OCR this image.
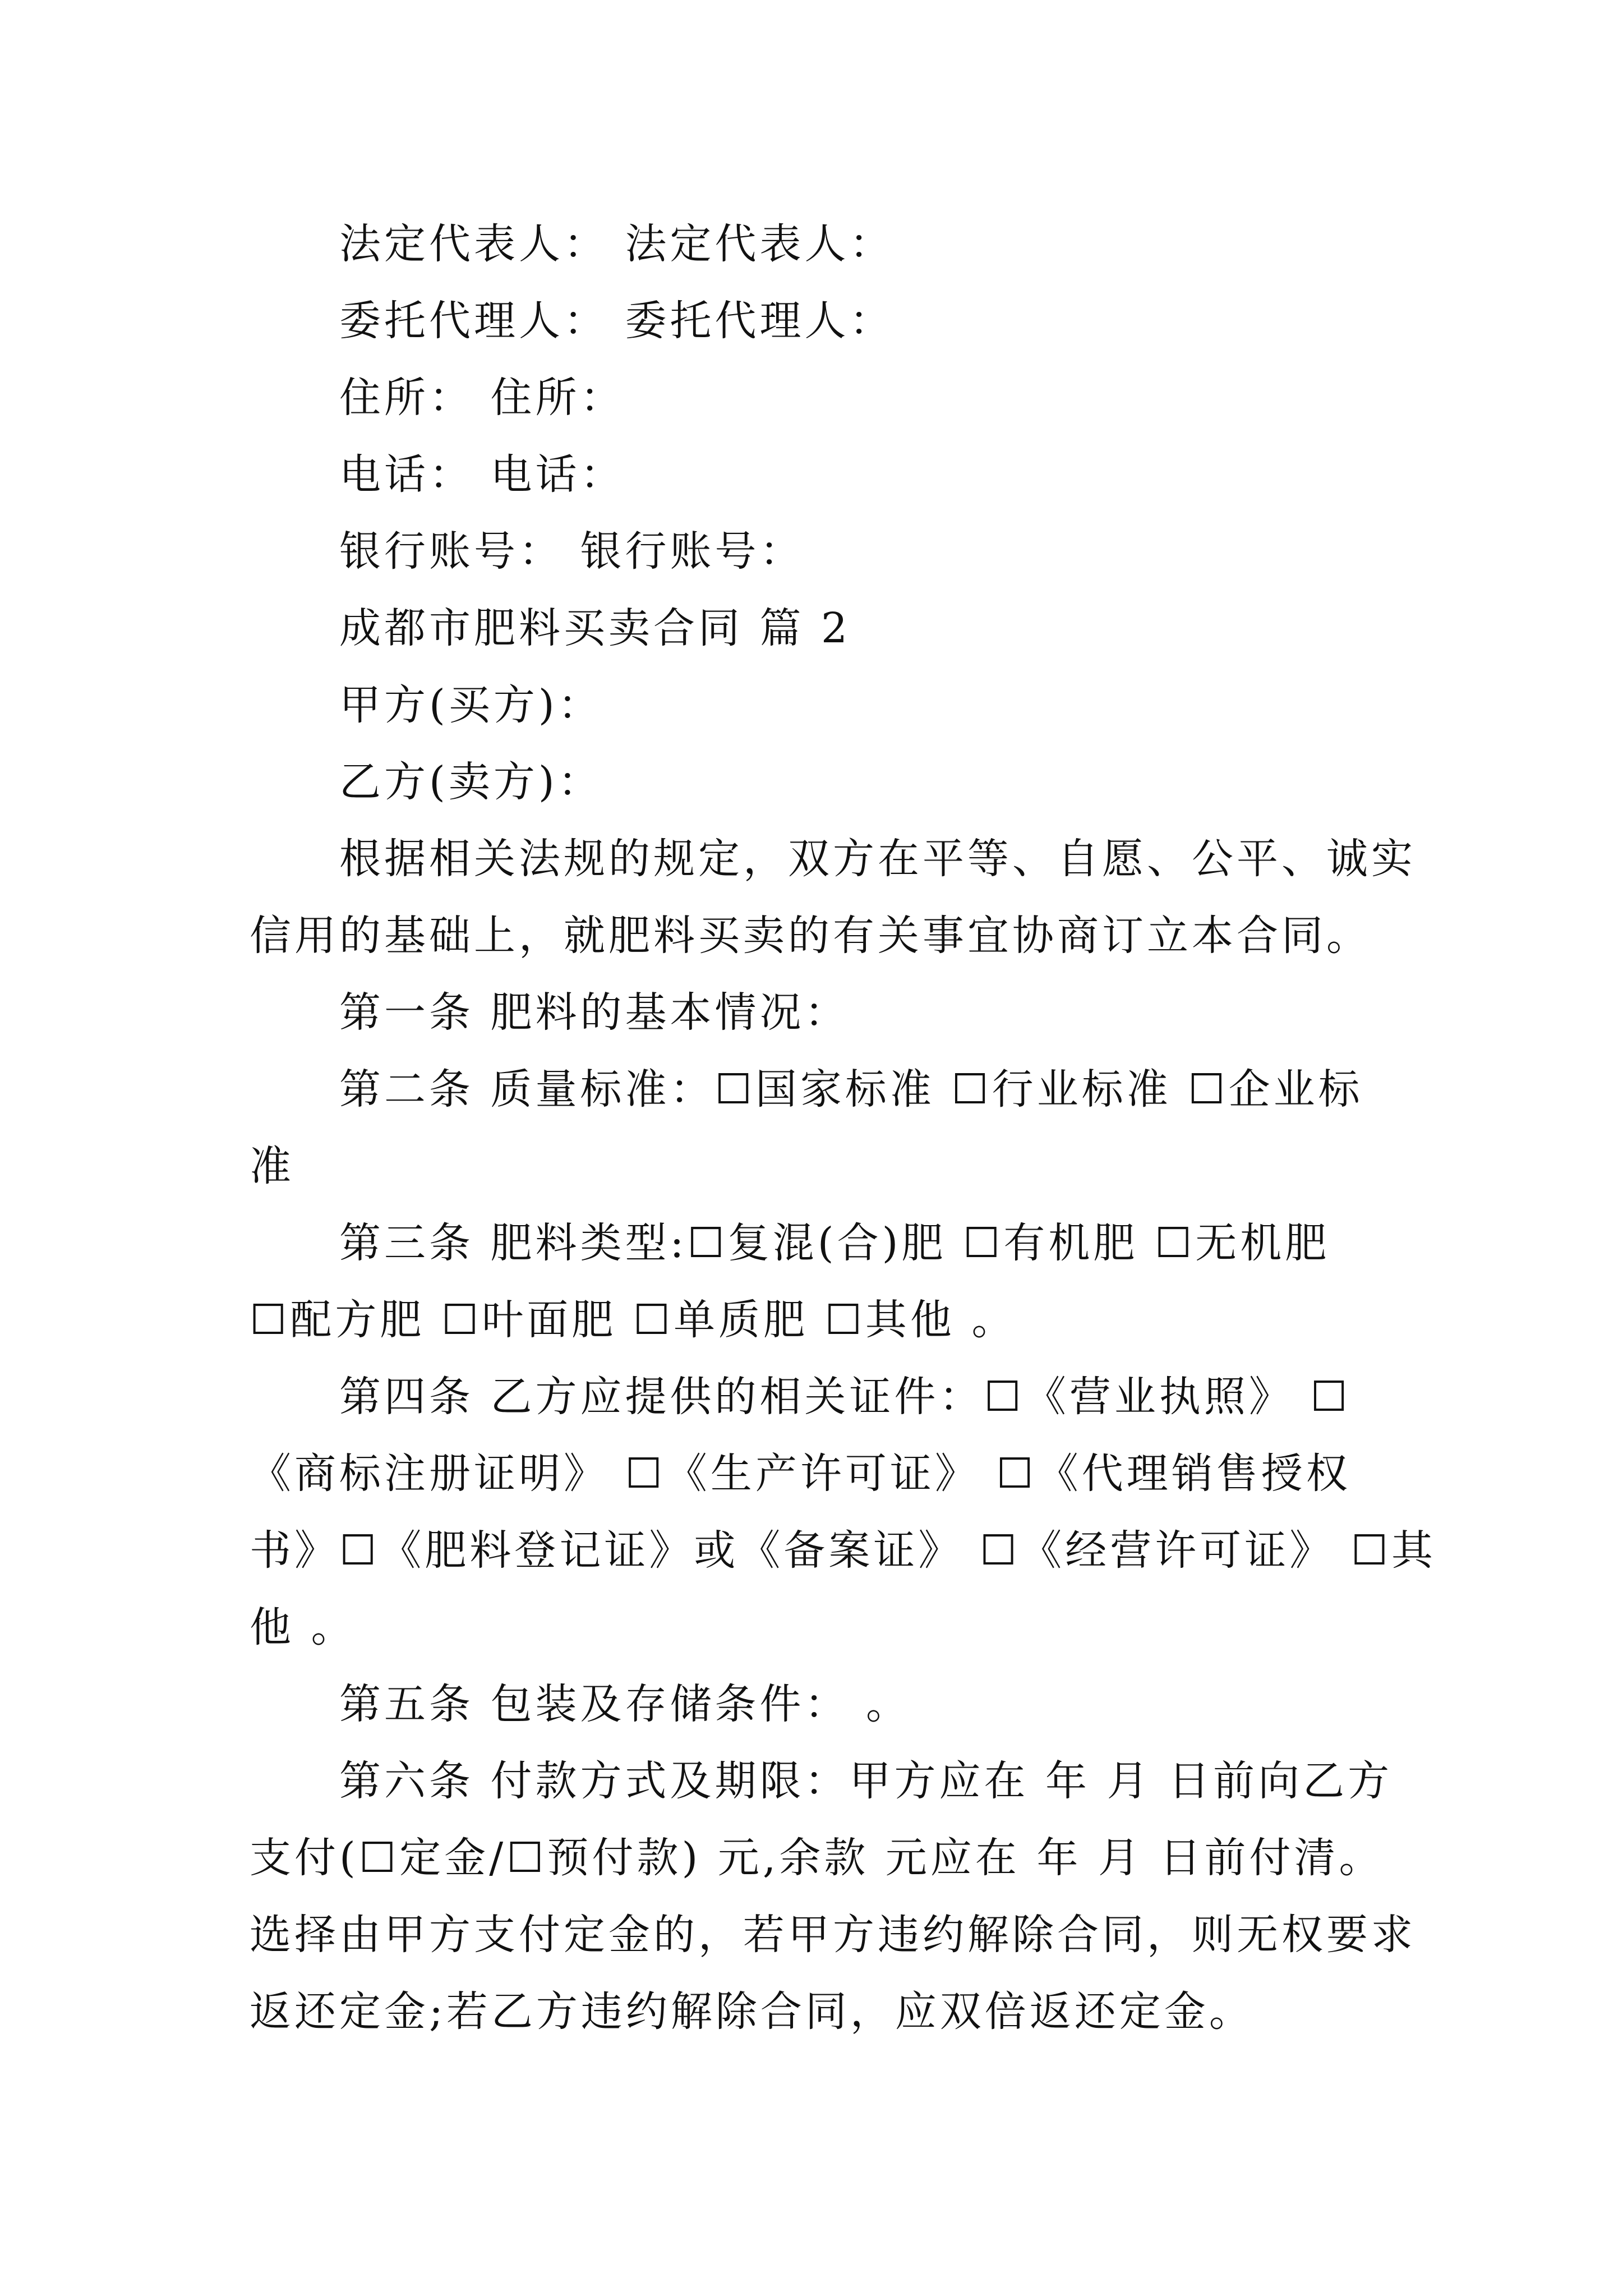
法定代表人： 法定代表人：
委托代理人： 委托代理人：
住所： 住所：
电话： 电话：
银行账号： 银行账号：
成都市肥料买卖合同 篇 2
甲方(买方)：
乙方(卖方)：
根据相关法规的规定，双方在平等、自愿、公平、诚实
信用的基础上，就肥料买卖的有关事宜协商订立本合同。
第一条 肥料的基本情况：
第二条 质量标准：☐国家标准 ☐行业标准 ☐企业标
准
第三条 肥料类型:☐复混(合)肥 ☐有机肥 ☐无机肥
☐配方肥 ☐叶面肥 ☐单质肥 ☐其他 。
第四条 乙方应提供的相关证件：☐《营业执照》 ☐
《商标注册证明》 ☐《生产许可证》 ☐《代理销售授权
书》☐《肥料登记证》或《备案证》 ☐《经营许可证》 ☐其
他 。
第五条 包装及存储条件： 。
第六条 付款方式及期限：甲方应在 年 月 日前向乙方
支付(☐定金/☐预付款) 元,余款 元应在 年 月 日前付清。
选择由甲方支付定金的，若甲方违约解除合同，则无权要求
返还定金;若乙方违约解除合同，应双倍返还定金。
